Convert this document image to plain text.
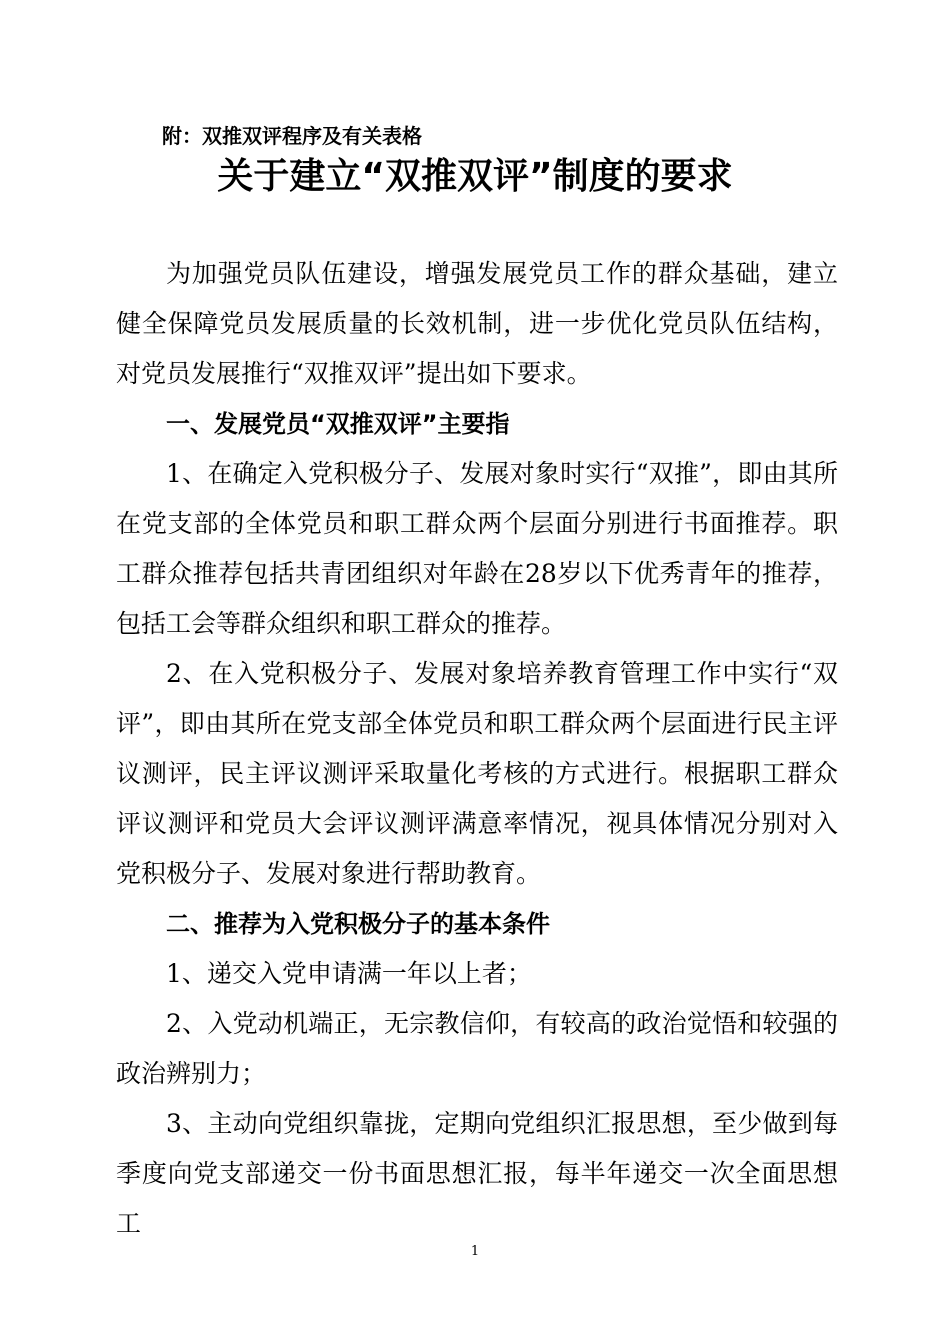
附：双推双评程序及有关表格
关于建立“双推双评”制度的要求

为加强党员队伍建设，增强发展党员工作的群众基础，建立健全保障党员发展质量的长效机制，进一步优化党员队伍结构，对党员发展推行“双推双评”提出如下要求。

一、发展党员“双推双评”主要指

1、在确定入党积极分子、发展对象时实行“双推”，即由其所在党支部的全体党员和职工群众两个层面分别进行书面推荐。职工群众推荐包括共青团组织对年龄在28岁以下优秀青年的推荐，包括工会等群众组织和职工群众的推荐。

2、在入党积极分子、发展对象培养教育管理工作中实行“双评”，即由其所在党支部全体党员和职工群众两个层面进行民主评议测评，民主评议测评采取量化考核的方式进行。根据职工群众评议测评和党员大会评议测评满意率情况，视具体情况分别对入党积极分子、发展对象进行帮助教育。

二、推荐为入党积极分子的基本条件

1、递交入党申请满一年以上者；

2、入党动机端正，无宗教信仰，有较高的政治觉悟和较强的政治辨别力；

3、主动向党组织靠拢，定期向党组织汇报思想，至少做到每季度向党支部递交一份书面思想汇报，每半年递交一次全面思想工

1
